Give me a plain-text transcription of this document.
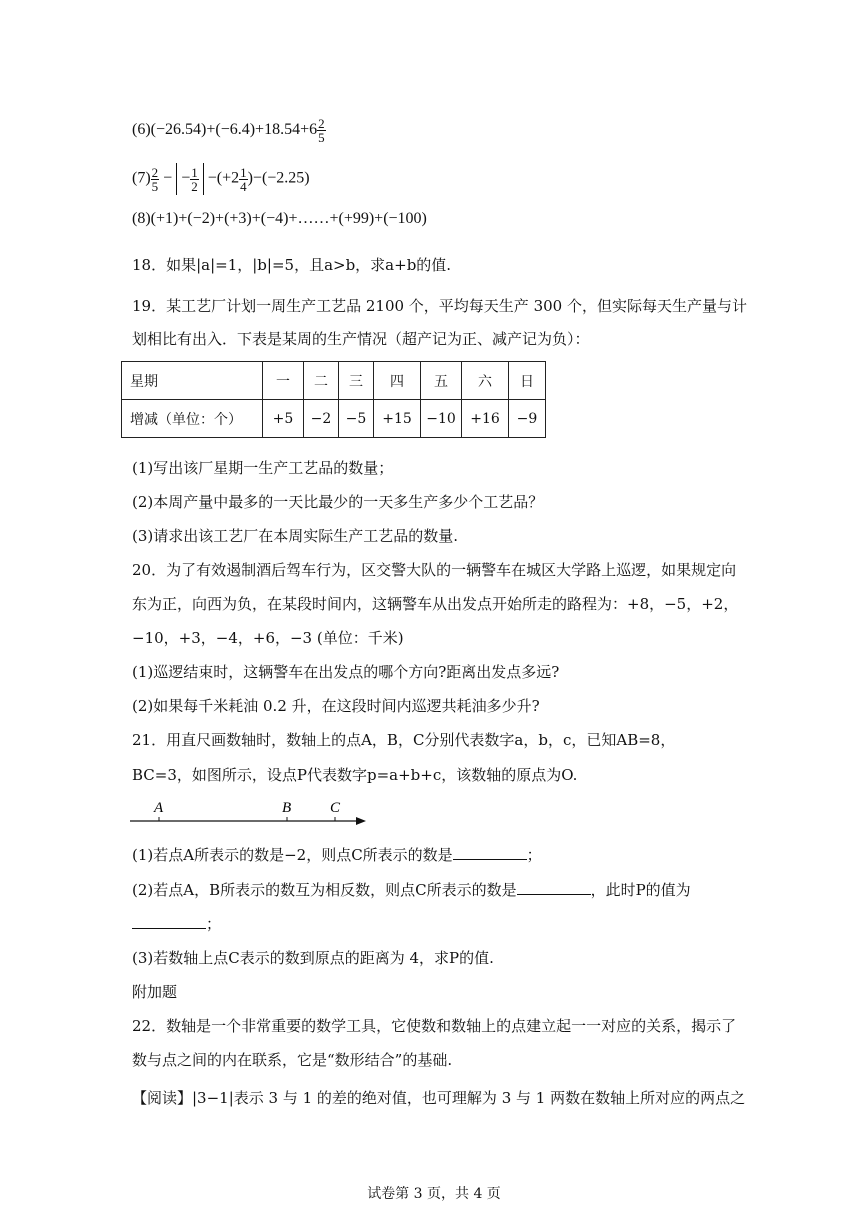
$(6)(-26.54)+(-6.4)+18.54+6 \frac{2}{5}$
$(7) \frac{2}{5}$ − − $\frac{1}{2} -(+2 \frac{1}{4} )-(-2.25)$
(8)(+1)+(−2)+(+3)+(−4)+……+(+99)+(−100)
18．如果|a|=1，|b|=5，且a>b，求a+b的值.
19．某工艺厂计划一周生产工艺品 2100 个，平均每天生产 300 个，但实际每天生产量与计
划相比有出入．下表是某周的生产情况（超产记为正、减产记为负）：
星期	一	二	三	四	五	六	日
增减（单位：个）	+5	−2	−5	+15	−10	+16	−9
(1)写出该厂星期一生产工艺品的数量；
(2)本周产量中最多的一天比最少的一天多生产多少个工艺品？
(3)请求出该工艺厂在本周实际生产工艺品的数量.
20．为了有效遏制酒后驾车行为，区交警大队的一辆警车在城区大学路上巡逻，如果规定向
东为正，向西为负，在某段时间内，这辆警车从出发点开始所走的路程为：+8，−5，+2，
−10，+3，−4，+6，−3 (单位：千米)
(1)巡逻结束时，这辆警车在出发点的哪个方向?距离出发点多远?
(2)如果每千米耗油 0.2 升，在这段时间内巡逻共耗油多少升?
21．用直尺画数轴时，数轴上的点A，B，C分别代表数字a，b，c，已知AB=8，
BC=3，如图所示，设点P代表数字p=a+b+c，该数轴的原点为O.
A	B	C
(1)若点A所表示的数是−2，则点C所表示的数是	；
(2)若点A，B所表示的数互为相反数，则点C所表示的数是	，此时P的值为
；
(3)若数轴上点C表示的数到原点的距离为 4，求P的值.
附加题
22．数轴是一个非常重要的数学工具，它使数和数轴上的点建立起一一对应的关系，揭示了
数与点之间的内在联系，它是“数形结合”的基础.
【阅读】|3−1|表示 3 与 1 的差的绝对值，也可理解为 3 与 1 两数在数轴上所对应的两点之
试卷第 3 页，共 4 页
